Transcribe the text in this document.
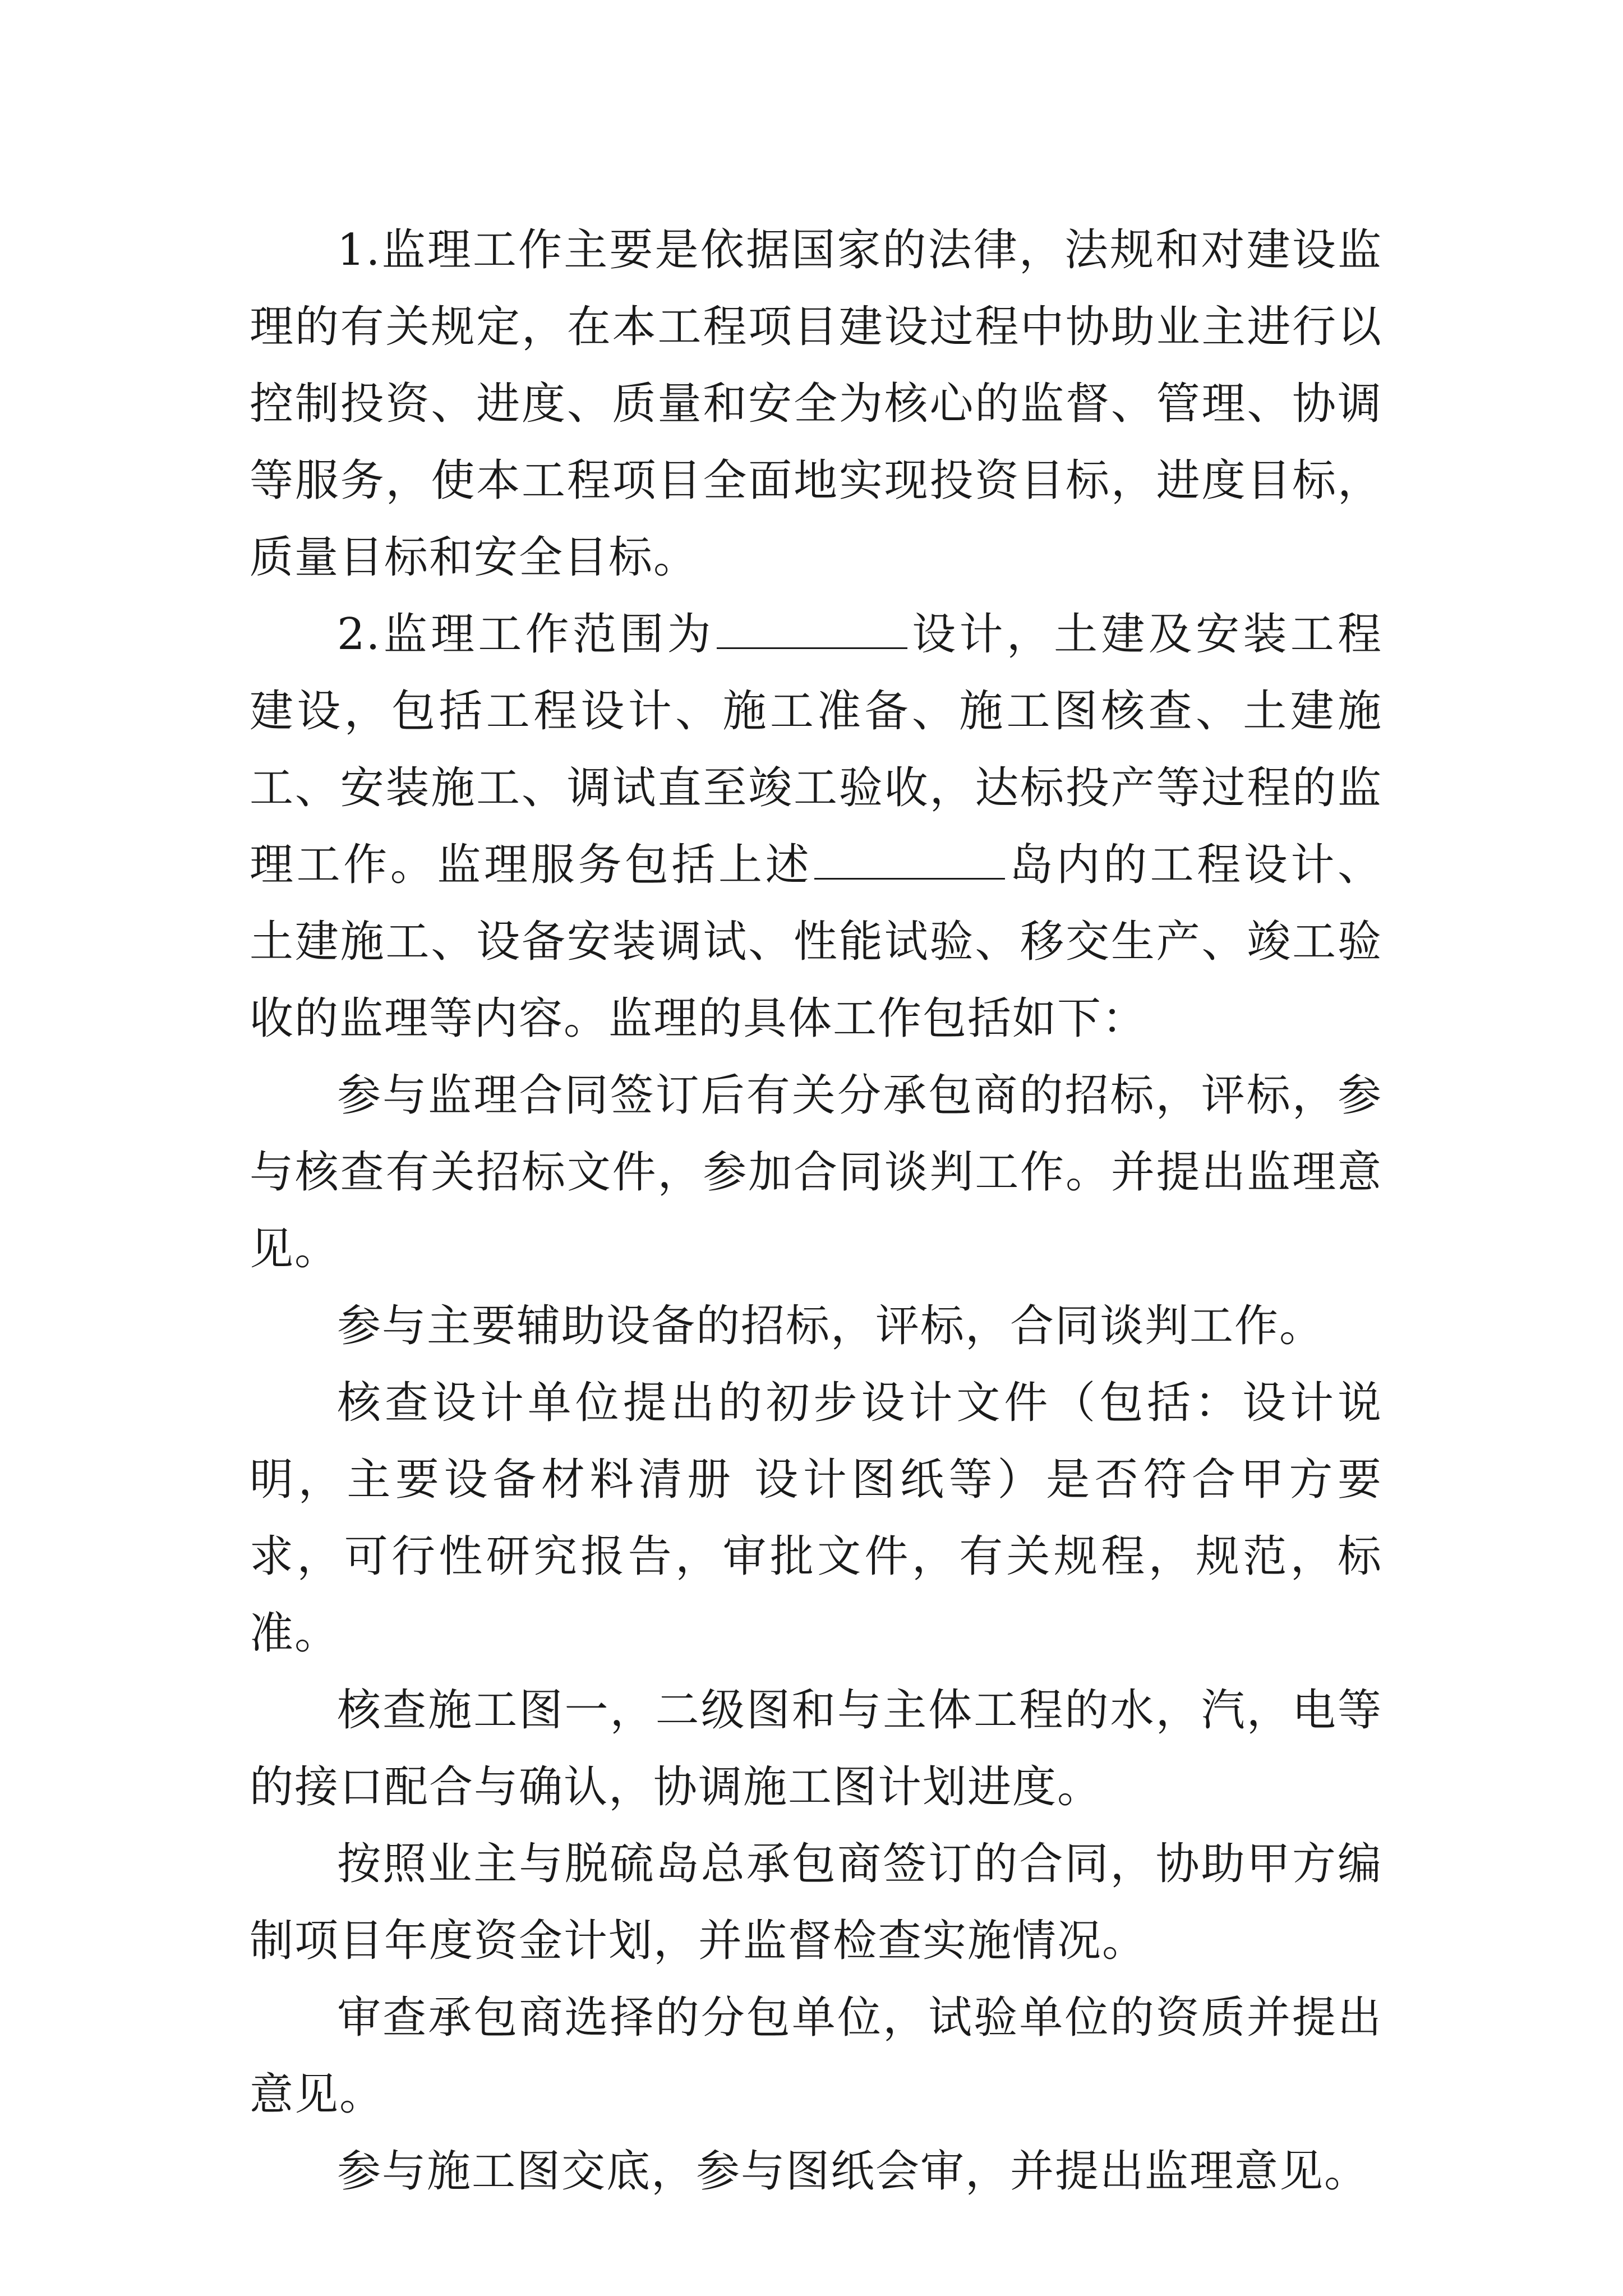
1.监理工作主要是依据国家的法律，法规和对建设监理的有关规定，在本工程项目建设过程中协助业主进行以控制投资、进度、质量和安全为核心的监督、管理、协调等服务，使本工程项目全面地实现投资目标，进度目标，质量目标和安全目标。

2.监理工作范围为	设计，土建及安装工程建设，包括工程设计、施工准备、施工图核查、土建施工、安装施工、调试直至竣工验收，达标投产等过程的监理工作。监理服务包括上述	岛内的工程设计、土建施工、设备安装调试、性能试验、移交生产、竣工验收的监理等内容。监理的具体工作包括如下：

参与监理合同签订后有关分承包商的招标，评标，参与核查有关招标文件，参加合同谈判工作。并提出监理意见。

参与主要辅助设备的招标，评标，合同谈判工作。

核查设计单位提出的初步设计文件（包括：设计说明，主要设备材料清册 设计图纸等）是否符合甲方要求，可行性研究报告，审批文件，有关规程，规范，标准。

核查施工图一，二级图和与主体工程的水，汽，电等的接口配合与确认，协调施工图计划进度。

按照业主与脱硫岛总承包商签订的合同，协助甲方编制项目年度资金计划，并监督检查实施情况。

审查承包商选择的分包单位，试验单位的资质并提出意见。

参与施工图交底，参与图纸会审，并提出监理意见。
